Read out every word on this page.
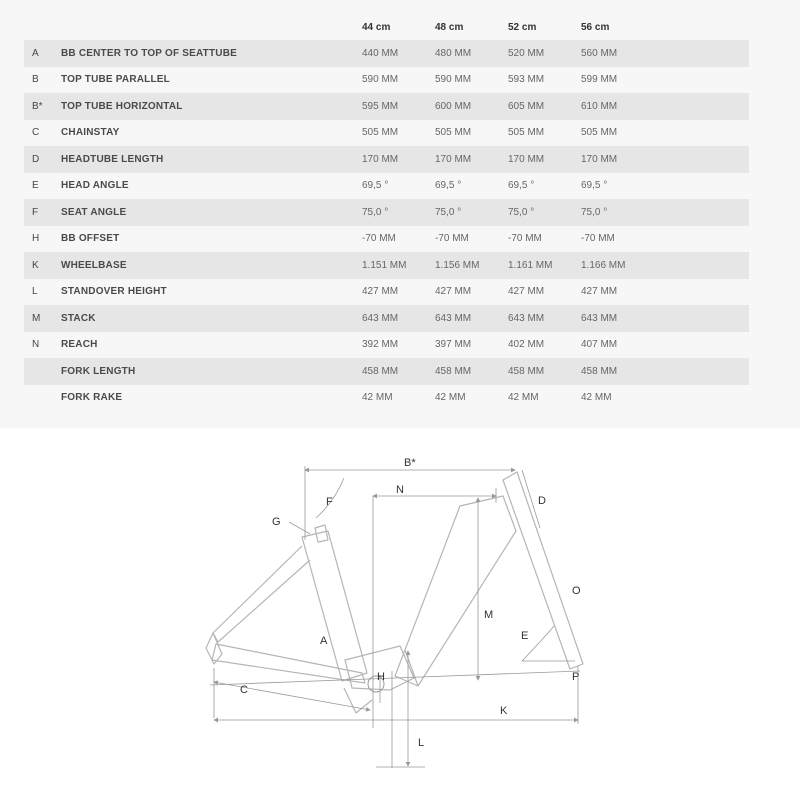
		44 cm	48 cm	52 cm	56 cm
A	BB CENTER TO TOP OF SEATTUBE	440 MM	480 MM	520 MM	560 MM
B	TOP TUBE PARALLEL	590 MM	590 MM	593 MM	599 MM
B*	TOP TUBE HORIZONTAL	595 MM	600 MM	605 MM	610 MM
C	CHAINSTAY	505 MM	505 MM	505 MM	505 MM
D	HEADTUBE LENGTH	170 MM	170 MM	170 MM	170 MM
E	HEAD ANGLE	69,5 °	69,5 °	69,5 °	69,5 °
F	SEAT ANGLE	75,0 °	75,0 °	75,0 °	75,0 °
H	BB OFFSET	-70 MM	-70 MM	-70 MM	-70 MM
K	WHEELBASE	1.151 MM	1.156 MM	1.161 MM	1.166 MM
L	STANDOVER HEIGHT	427 MM	427 MM	427 MM	427 MM
M	STACK	643 MM	643 MM	643 MM	643 MM
N	REACH	392 MM	397 MM	402 MM	407 MM
	FORK LENGTH	458 MM	458 MM	458 MM	458 MM
	FORK RAKE	42 MM	42 MM	42 MM	42 MM
B*
N
F
G
D
O
A
M
E
H	P
C
K
L
